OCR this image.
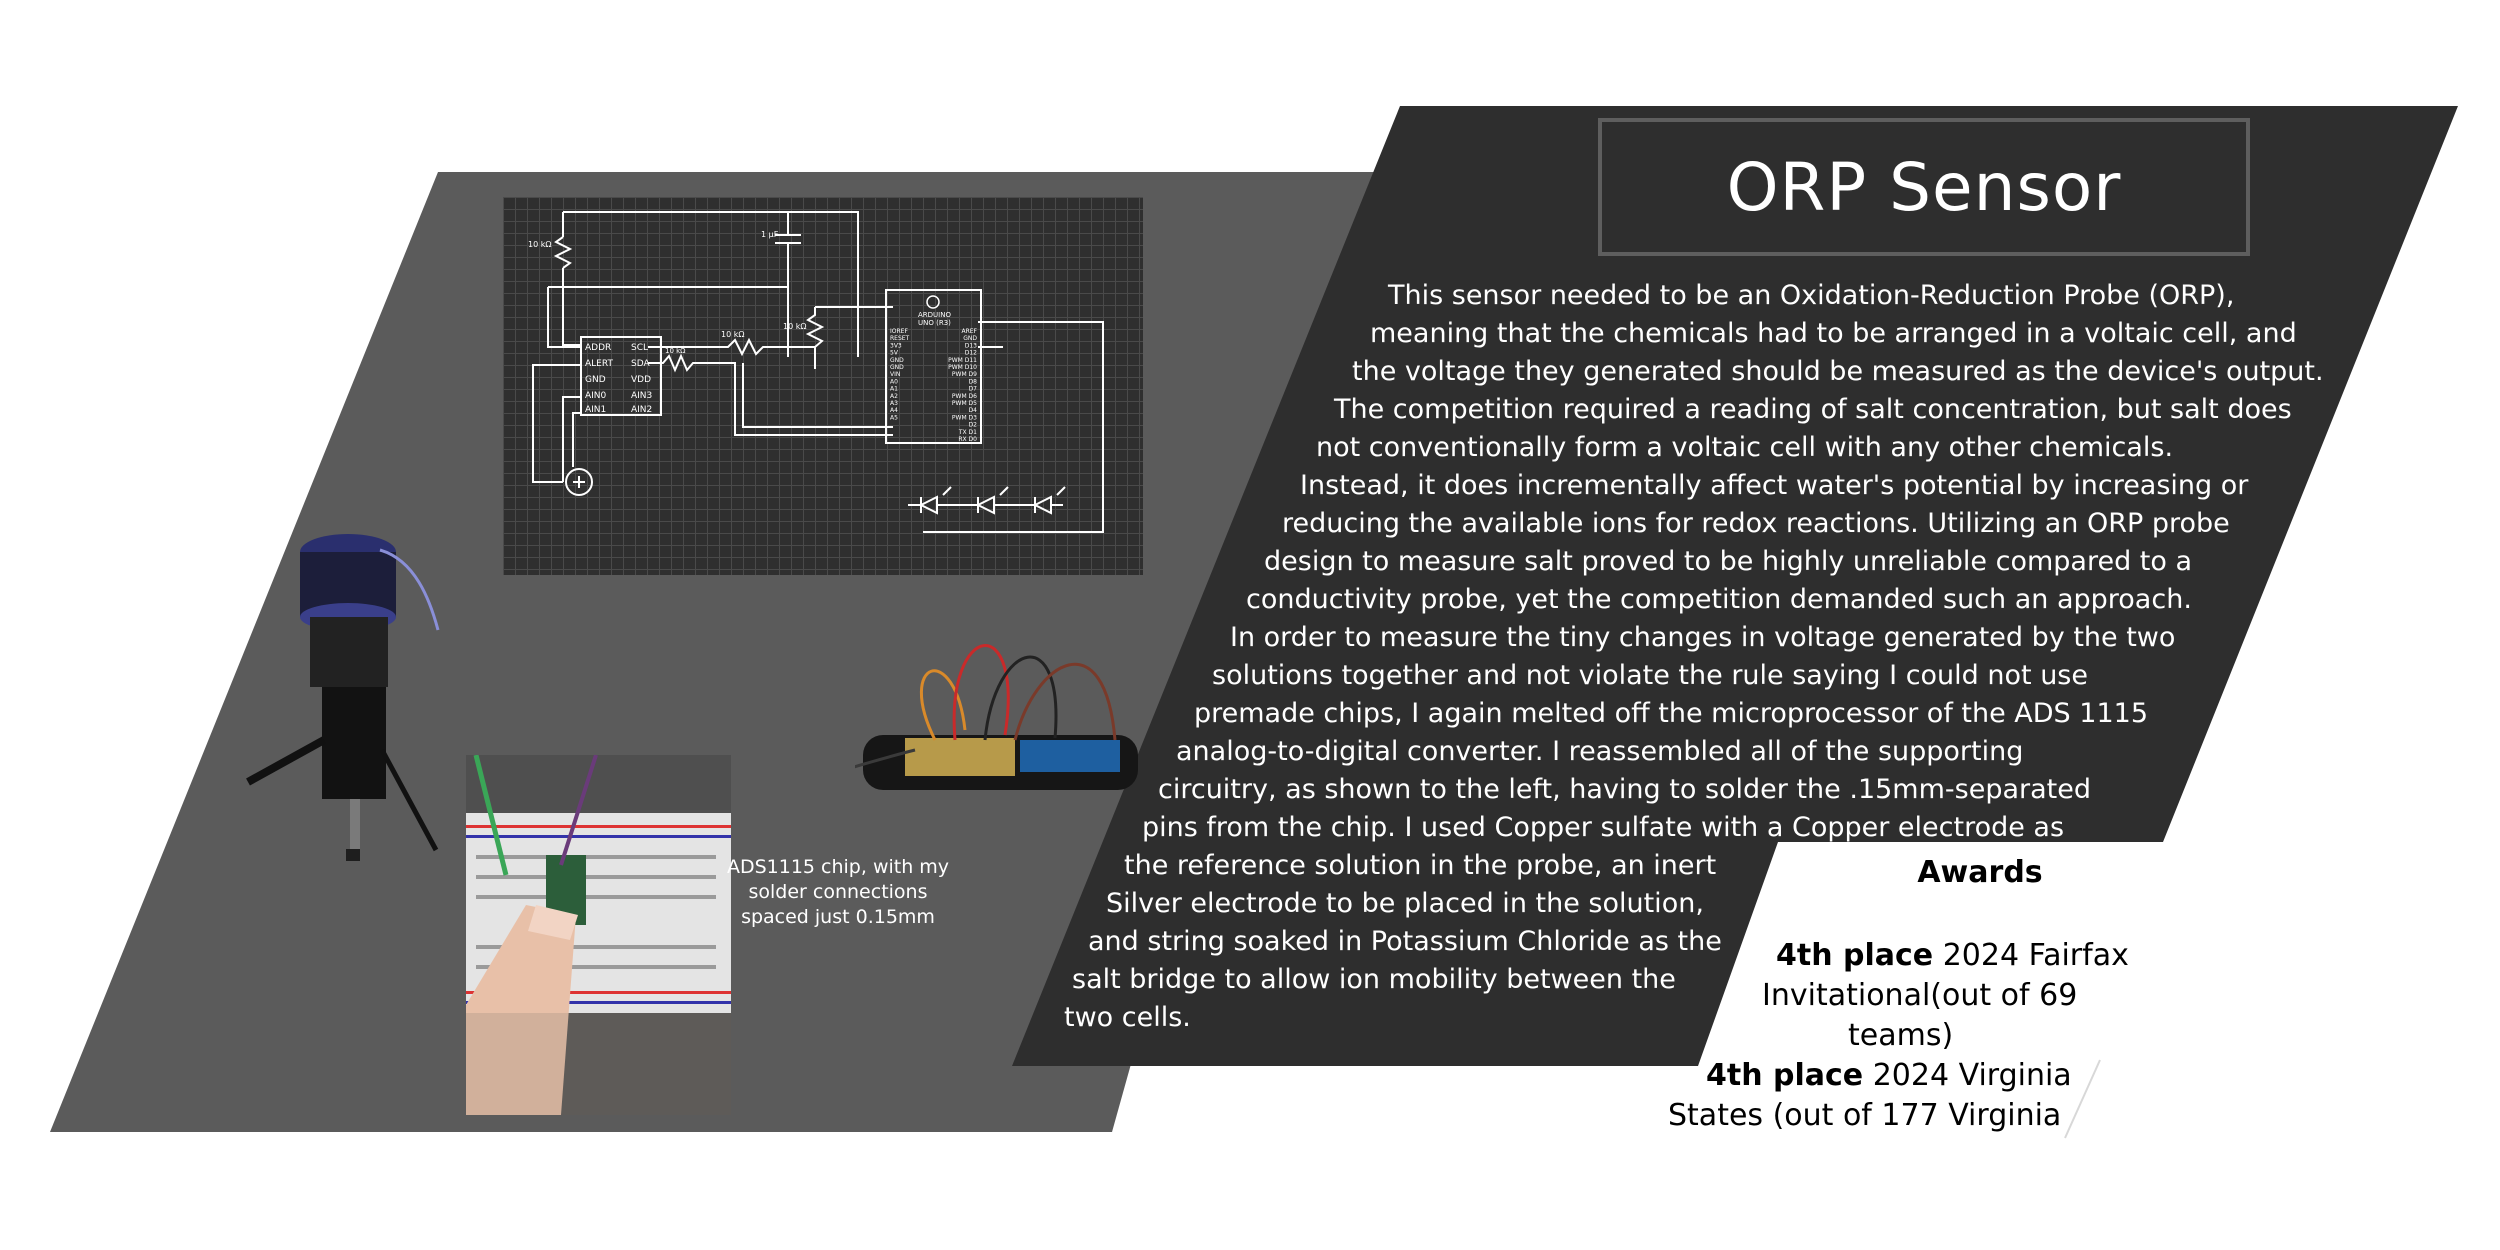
10 kΩ
10 kΩ
10 kΩ
10 kΩ
1 µF
ADDR
ALERT
GND
AIN0
AIN1
SCL
SDA
VDD
AIN3
AIN2
ARDUINO
UNO (R3)
IOREF
RESET
3V3
5V
GND
GND
VIN
A0
A1
A2
A3
A4
A5
AREF
GND
D13
D12
PWM D11
PWM D10
PWM D9
D8
D7
PWM D6
PWM D5
D4
PWM D3
D2
TX D1
RX D0
ADS1115 chip, with my
solder connections
spaced just 0.15mm
ORP Sensor
This sensor needed to be an Oxidation-Reduction Probe (ORP),
meaning that the chemicals had to be arranged in a voltaic cell, and
the voltage they generated should be measured as the device's output.
The competition required a reading of salt concentration, but salt does
not conventionally form a voltaic cell with any other chemicals.
Instead, it does incrementally affect water's potential by increasing or
reducing the available ions for redox reactions. Utilizing an ORP probe
design to measure salt proved to be highly unreliable compared to a
conductivity probe, yet the competition demanded such an approach.
In order to measure the tiny changes in voltage generated by the two
solutions together and not violate the rule saying I could not use
premade chips, I again melted off the microprocessor of the ADS 1115
analog-to-digital converter. I reassembled all of the supporting
circuitry, as shown to the left, having to solder the .15mm-separated
pins from the chip. I used Copper sulfate with a Copper electrode as
the reference solution in the probe, an inert
Silver electrode to be placed in the solution,
and string soaked in Potassium Chloride as the
salt bridge to allow ion mobility between the
two cells.
Awards
4th place 2024 Fairfax
Invitational(out of 69
teams)
4th place 2024 Virginia
States (out of 177 Virginia
